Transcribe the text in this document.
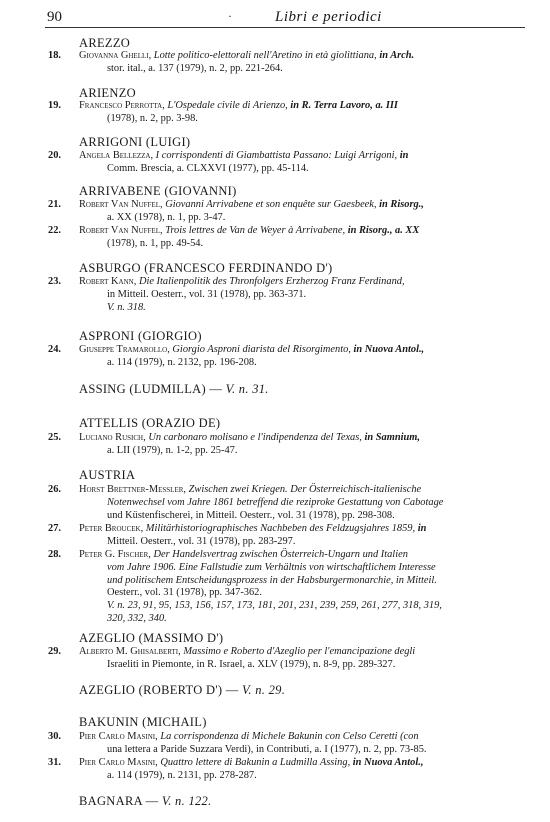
90	·	Libri e periodici
AREZZO
18. Giovanna Ghelli, Lotte politico-elettorali nell'Aretino in età giolittiana, in Arch.
stor. ital., a. 137 (1979), n. 2, pp. 221-264.
ARIENZO
19. Francesco Perrotta, L'Ospedale civile di Arienzo, in R. Terra Lavoro, a. III
(1978), n. 2, pp. 3-98.
ARRIGONI (LUIGI)
20. Angela Bellezza, I corrispondenti di Giambattista Passano: Luigi Arrigoni, in
Comm. Brescia, a. CLXXVI (1977), pp. 45-114.
ARRIVABENE (GIOVANNI)
21. Robert Van Nuffel, Giovanni Arrivabene et son enquête sur Gaesbeek, in Risorg.,
a. XX (1978), n. 1, pp. 3-47.
22. Robert Van Nuffel, Trois lettres de Van de Weyer à Arrivabene, in Risorg., a. XX
(1978), n. 1, pp. 49-54.
ASBURGO (FRANCESCO FERDINANDO D')
23. Robert Kann, Die Italienpolitik des Thronfolgers Erzherzog Franz Ferdinand,
in Mitteil. Oesterr., vol. 31 (1978), pp. 363-371.
V. n. 318.
ASPRONI (GIORGIO)
24. Giuseppe Tramarollo, Giorgio Asproni diarista del Risorgimento, in Nuova Antol.,
a. 114 (1979), n. 2132, pp. 196-208.
ASSING (LUDMILLA) — V. n. 31.
ATTELLIS (ORAZIO DE)
25. Luciano Rusich, Un carbonaro molisano e l'indipendenza del Texas, in Samnium,
a. LII (1979), n. 1-2, pp. 25-47.
AUSTRIA
26. Horst Brettner-Messler, Zwischen zwei Kriegen. Der Österreichisch-italienische
Notenwechsel vom Jahre 1861 betreffend die reziproke Gestattung von Cabotage
und Küstenfischerei, in Mitteil. Oesterr., vol. 31 (1978), pp. 298-308.
27. Peter Broucek, Militärhistoriographisches Nachbeben des Feldzugsjahres 1859, in
Mitteil. Oesterr., vol. 31 (1978), pp. 283-297.
28. Peter G. Fischer, Der Handelsvertrag zwischen Österreich-Ungarn und Italien
vom Jahre 1906. Eine Fallstudie zum Verhältnis von wirtschaftlichem Interesse
und politischem Entscheidungsprozess in der Habsburgermonarchie, in Mitteil.
Oesterr., vol. 31 (1978), pp. 347-362.
V. n. 23, 91, 95, 153, 156, 157, 173, 181, 201, 231, 239, 259, 261, 277, 318, 319,
320, 332, 340.
AZEGLIO (MASSIMO D')
29. Alberto M. Ghisalberti, Massimo e Roberto d'Azeglio per l'emancipazione degli
Israeliti in Piemonte, in R. Israel, a. XLV (1979), n. 8-9, pp. 289-327.
AZEGLIO (ROBERTO D') — V. n. 29.
BAKUNIN (MICHAIL)
30. Pier Carlo Masini, La corrispondenza di Michele Bakunin con Celso Ceretti (con
una lettera a Paride Suzzara Verdi), in Contributi, a. I (1977), n. 2, pp. 73-85.
31. Pier Carlo Masini, Quattro lettere di Bakunin a Ludmilla Assing, in Nuova Antol.,
a. 114 (1979), n. 2131, pp. 278-287.
BAGNARA — V. n. 122.
